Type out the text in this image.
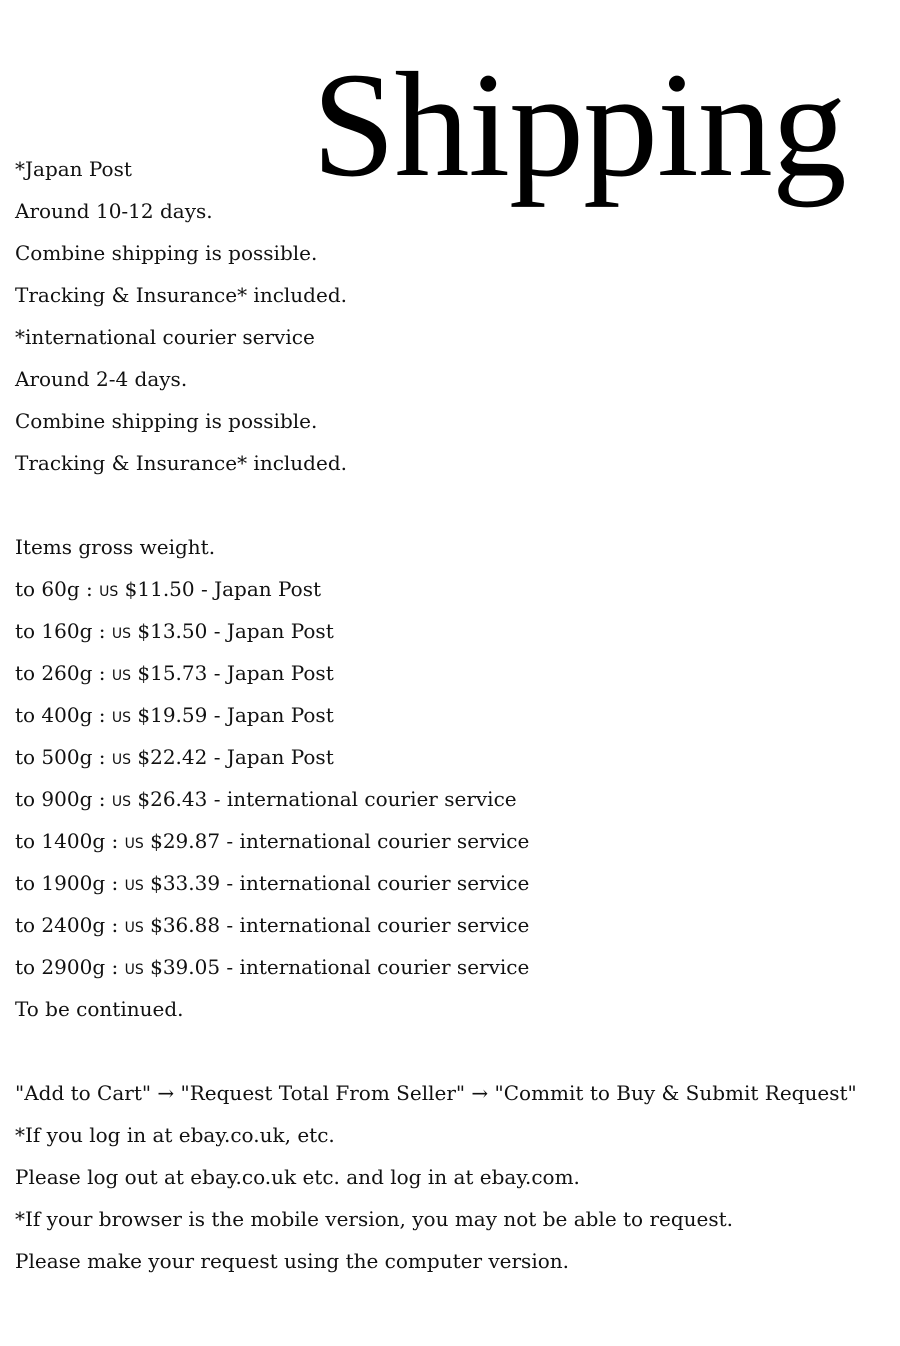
Shipping
*Japan Post
Around 10-12 days.
Combine shipping is possible.
Tracking & Insurance* included.
*international courier service
Around 2-4 days.
Combine shipping is possible.
Tracking & Insurance* included.
Items gross weight.
to 60g : US $11.50 - Japan Post
to 160g : US $13.50 - Japan Post
to 260g : US $15.73 - Japan Post
to 400g : US $19.59 - Japan Post
to 500g : US $22.42 - Japan Post
to 900g : US $26.43 - international courier service
to 1400g : US $29.87 - international courier service
to 1900g : US $33.39 - international courier service
to 2400g : US $36.88 - international courier service
to 2900g : US $39.05 - international courier service
To be continued.
"Add to Cart" → "Request Total From Seller" → "Commit to Buy & Submit Request"
*If you log in at ebay.co.uk, etc.
Please log out at ebay.co.uk etc. and log in at ebay.com.
*If your browser is the mobile version, you may not be able to request.
Please make your request using the computer version.
